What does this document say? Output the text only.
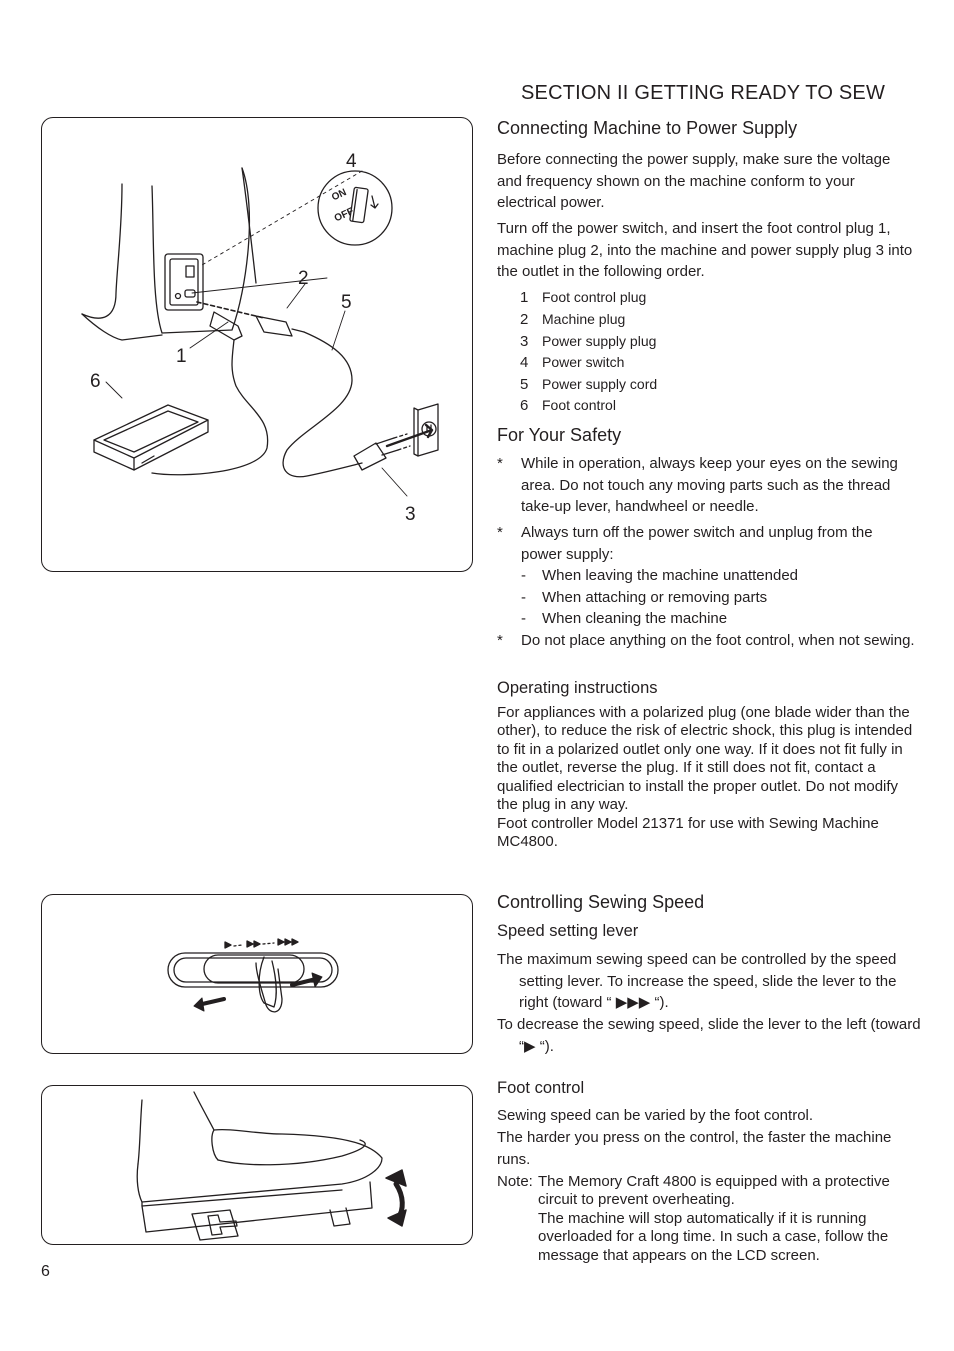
SECTION II GETTING READY TO SEW
ON
OFF
4
2
5
1
6
3
Connecting Machine to Power Supply
Before connecting the power supply, make sure the voltage and frequency shown on the machine conform to your electrical power.
Turn off the power switch, and insert the foot control plug 1, machine plug 2, into the machine and power supply plug 3 into the outlet in the following order.
1 Foot control plug
2 Machine plug
3 Power supply plug
4 Power switch
5 Power supply cord
6 Foot control
For Your Safety
* While in operation, always keep your eyes on the sewing area. Do not touch any moving parts such as the thread take-up lever, handwheel or needle.
* Always turn off the power switch and unplug from the power supply:
- When leaving the machine unattended
- When attaching or removing parts
- When cleaning the machine
* Do not place anything on the foot control, when not sewing.
Operating instructions
For appliances with a polarized plug (one blade wider than the other), to reduce the risk of electric shock, this plug is intended to fit in a polarized outlet only one way. If it does not fit fully in the outlet, reverse the plug. If it still does not fit, contact a qualified electrician to install the proper outlet. Do not modify the plug in any way.
Foot controller Model 21371 for use with Sewing Machine MC4800.
Controlling Sewing Speed
Speed setting lever
The maximum sewing speed can be controlled by the speed setting lever. To increase the speed, slide the lever to the right (toward “ ▶▶▶ “).
To decrease the sewing speed, slide the lever to the left (toward “▶ “).
Foot control
Sewing speed can be varied by the foot control.
The harder you press on the control, the faster the machine runs.
Note: The Memory Craft 4800 is equipped with a protective circuit to prevent overheating.
The machine will stop automatically if it is running overloaded for a long time. In such a case, follow the message that appears on the LCD screen.
6
